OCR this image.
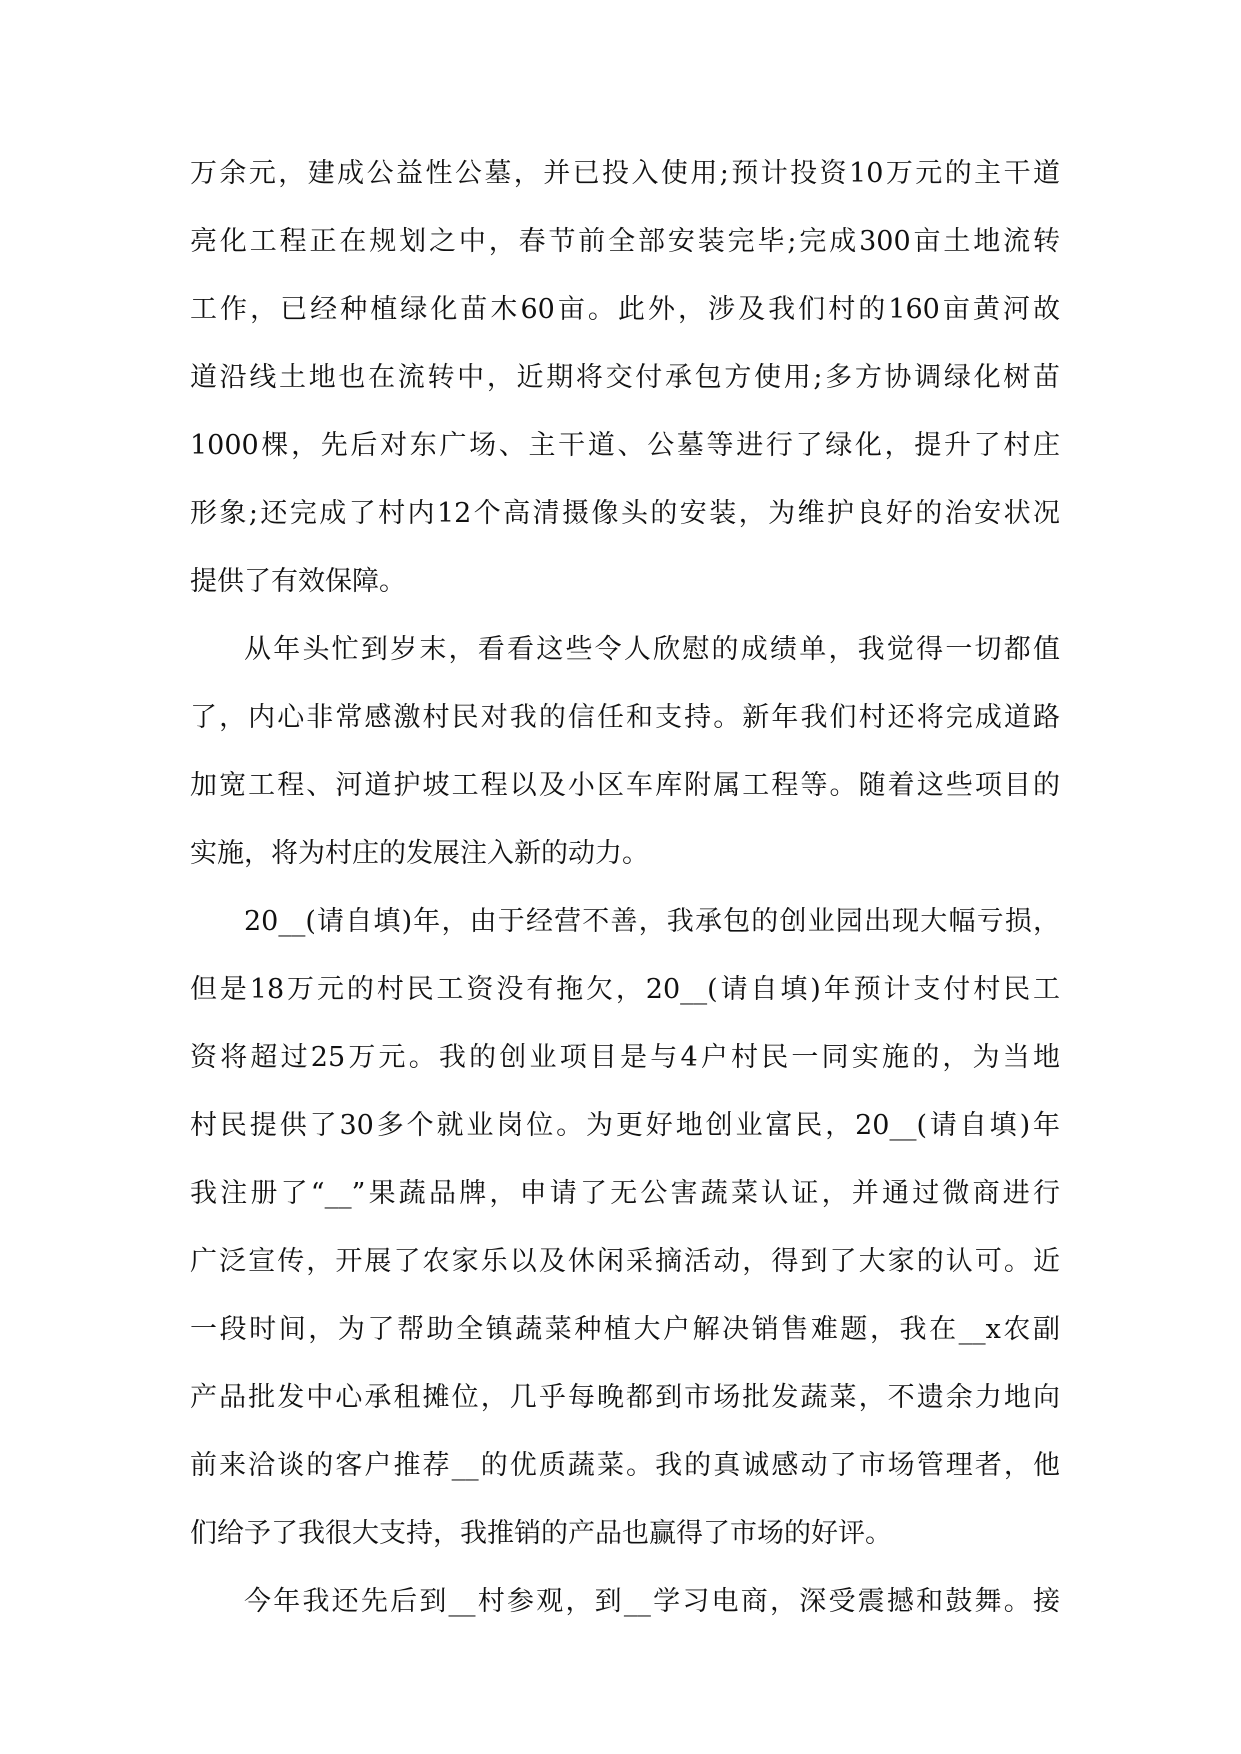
万余元，建成公益性公墓，并已投入使用;预计投资10万元的主干道
亮化工程正在规划之中，春节前全部安装完毕;完成300亩土地流转
工作，已经种植绿化苗木60亩。此外，涉及我们村的160亩黄河故
道沿线土地也在流转中，近期将交付承包方使用;多方协调绿化树苗
1000棵，先后对东广场、主干道、公墓等进行了绿化，提升了村庄
形象;还完成了村内12个高清摄像头的安装，为维护良好的治安状况
提供了有效保障。
从年头忙到岁末，看看这些令人欣慰的成绩单，我觉得一切都值
了，内心非常感激村民对我的信任和支持。新年我们村还将完成道路
加宽工程、河道护坡工程以及小区车库附属工程等。随着这些项目的
实施，将为村庄的发展注入新的动力。
20__(请自填)年，由于经营不善，我承包的创业园出现大幅亏损，
但是18万元的村民工资没有拖欠，20__(请自填)年预计支付村民工
资将超过25万元。我的创业项目是与4户村民一同实施的，为当地
村民提供了30多个就业岗位。为更好地创业富民，20__(请自填)年
我注册了“__”果蔬品牌，申请了无公害蔬菜认证，并通过微商进行
广泛宣传，开展了农家乐以及休闲采摘活动，得到了大家的认可。近
一段时间，为了帮助全镇蔬菜种植大户解决销售难题，我在__x农副
产品批发中心承租摊位，几乎每晚都到市场批发蔬菜，不遗余力地向
前来洽谈的客户推荐__的优质蔬菜。我的真诚感动了市场管理者，他
们给予了我很大支持，我推销的产品也赢得了市场的好评。
今年我还先后到__村参观，到__学习电商，深受震撼和鼓舞。接
